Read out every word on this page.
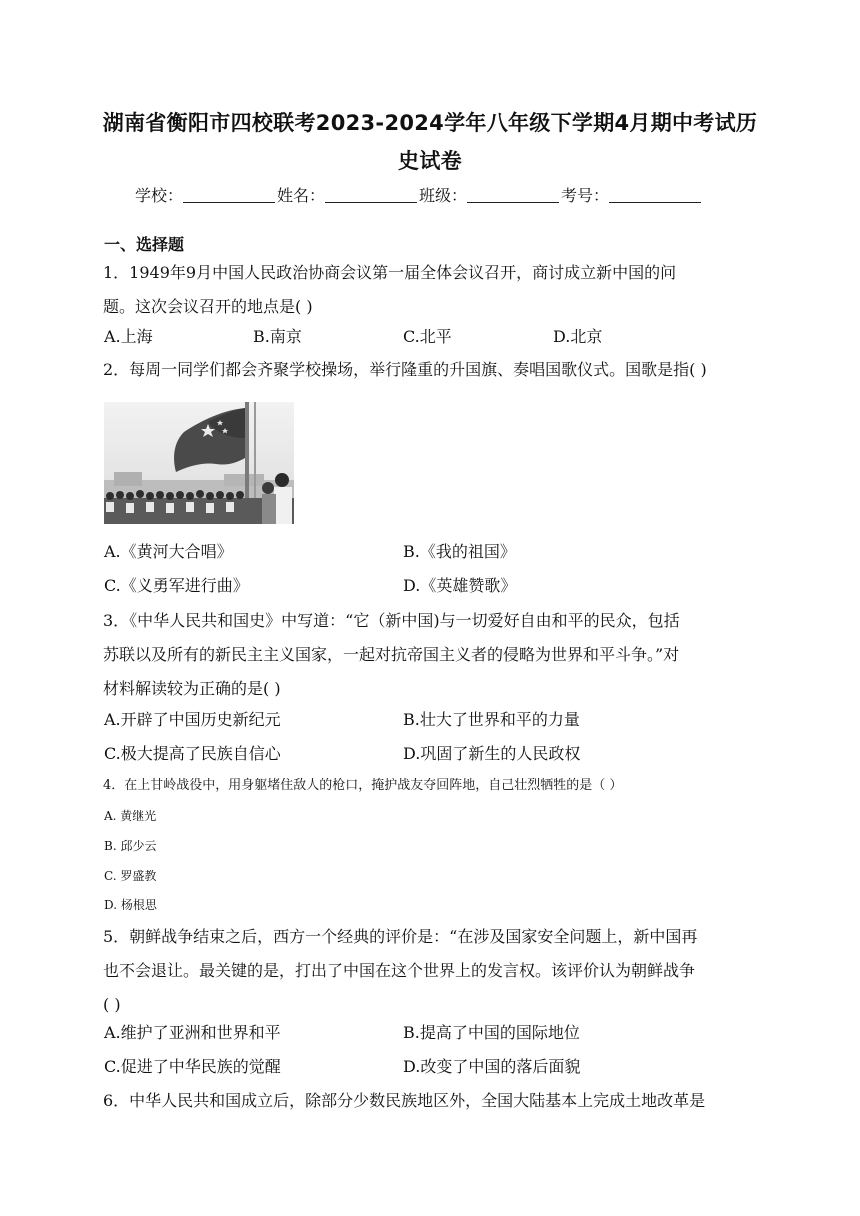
湖南省衡阳市四校联考2023-2024学年八年级下学期4月期中考试历
史试卷
学校：	姓名：	班级：	考号：
一、选择题
1．1949年9月中国人民政治协商会议第一届全体会议召开，商讨成立新中国的问
题。这次会议召开的地点是( )
A.上海	B.南京	C.北平	D.北京
2．每周一同学们都会齐聚学校操场，举行隆重的升国旗、奏唱国歌仪式。国歌是指( )
A.《黄河大合唱》	B.《我的祖国》
C.《义勇军进行曲》	D.《英雄赞歌》
3．《中华人民共和国史》中写道：“它（新中国)与一切爱好自由和平的民众，包括
苏联以及所有的新民主主义国家，一起对抗帝国主义者的侵略为世界和平斗争。”对
材料解读较为正确的是( )
A.开辟了中国历史新纪元	B.壮大了世界和平的力量
C.极大提高了民族自信心	D.巩固了新生的人民政权
4．在上甘岭战役中，用身躯堵住敌人的枪口，掩护战友夺回阵地，自己壮烈牺牲的是（ ）
A. 黄继光
B. 邱少云
C. 罗盛教
D. 杨根思
5．朝鲜战争结束之后，西方一个经典的评价是：“在涉及国家安全问题上，新中国再
也不会退让。最关键的是，打出了中国在这个世界上的发言权。该评价认为朝鲜战争
( )
A.维护了亚洲和世界和平	B.提高了中国的国际地位
C.促进了中华民族的觉醒	D.改变了中国的落后面貌
6．中华人民共和国成立后，除部分少数民族地区外，全国大陆基本上完成土地改革是
